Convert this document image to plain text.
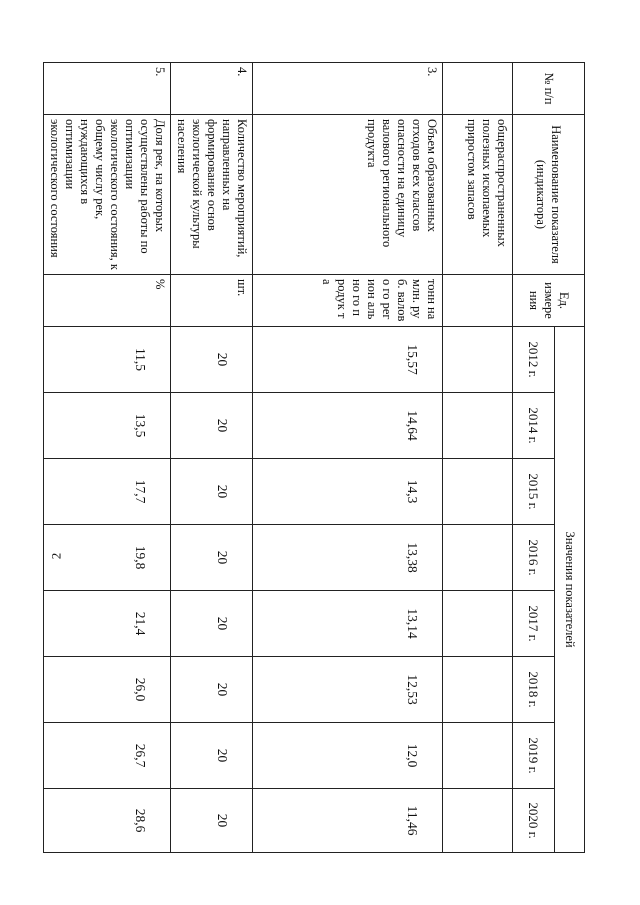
2
№ п/п	Наименование показателя (индикатора)	Ед. измере ния	Значения показателей							
			2012 г.	2014 г.	2015 г.	2016 г.	2017 г.	2018 г.	2019 г.	2020 г.
	общераспространенных полезных ископаемых приростом запасов									
3.	Объем образованных отходов всех классов опасности на единицу валового регионального продукта	тонн на млн. руб. валово го регион ально го продук та	15,57	14,64	14,3	13,38	13,14	12,53	12,0	11,46
4.	Количество мероприятий, направленных на формирование основ экологической культуры населения	шт.	20	20	20	20	20	20	20	20
5.	Доля рек, на которых осуществлены работы по оптимизации экологического состояния, к общему числу рек, нуждающихся в оптимизации экологического состояния	%	11,5	13,5	17,7	19,8	21,4	26,0	26,7	28,6
